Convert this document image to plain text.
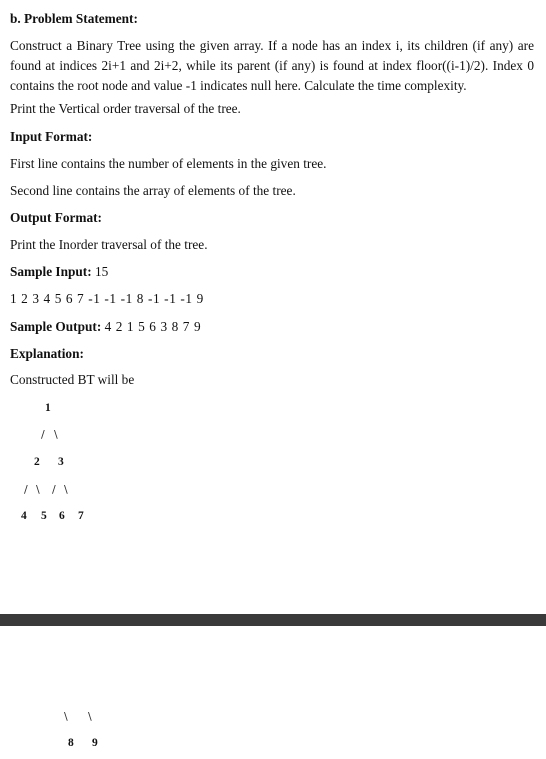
b. Problem Statement:
Construct a Binary Tree using the given array. If a node has an index i, its children (if any) are found at indices 2i+1 and 2i+2, while its parent (if any) is found at index floor((i-1)/2). Index 0 contains the root node and value -1 indicates null here. Calculate the time complexity.
Print the Vertical order traversal of the tree.
Input Format:
First line contains the number of elements in the given tree.
Second line contains the array of elements of the tree.
Output Format:
Print the Inorder traversal of the tree.
Sample Input: 15
1 2 3 4 5 6 7 -1 -1 -1 8 -1 -1 -1 9
Sample Output: 4 2 1 5 6 3 8 7 9
Explanation:
Constructed BT will be
1
/ \
2 3
/ \ / \
4 5 6 7
\ \
8 9
